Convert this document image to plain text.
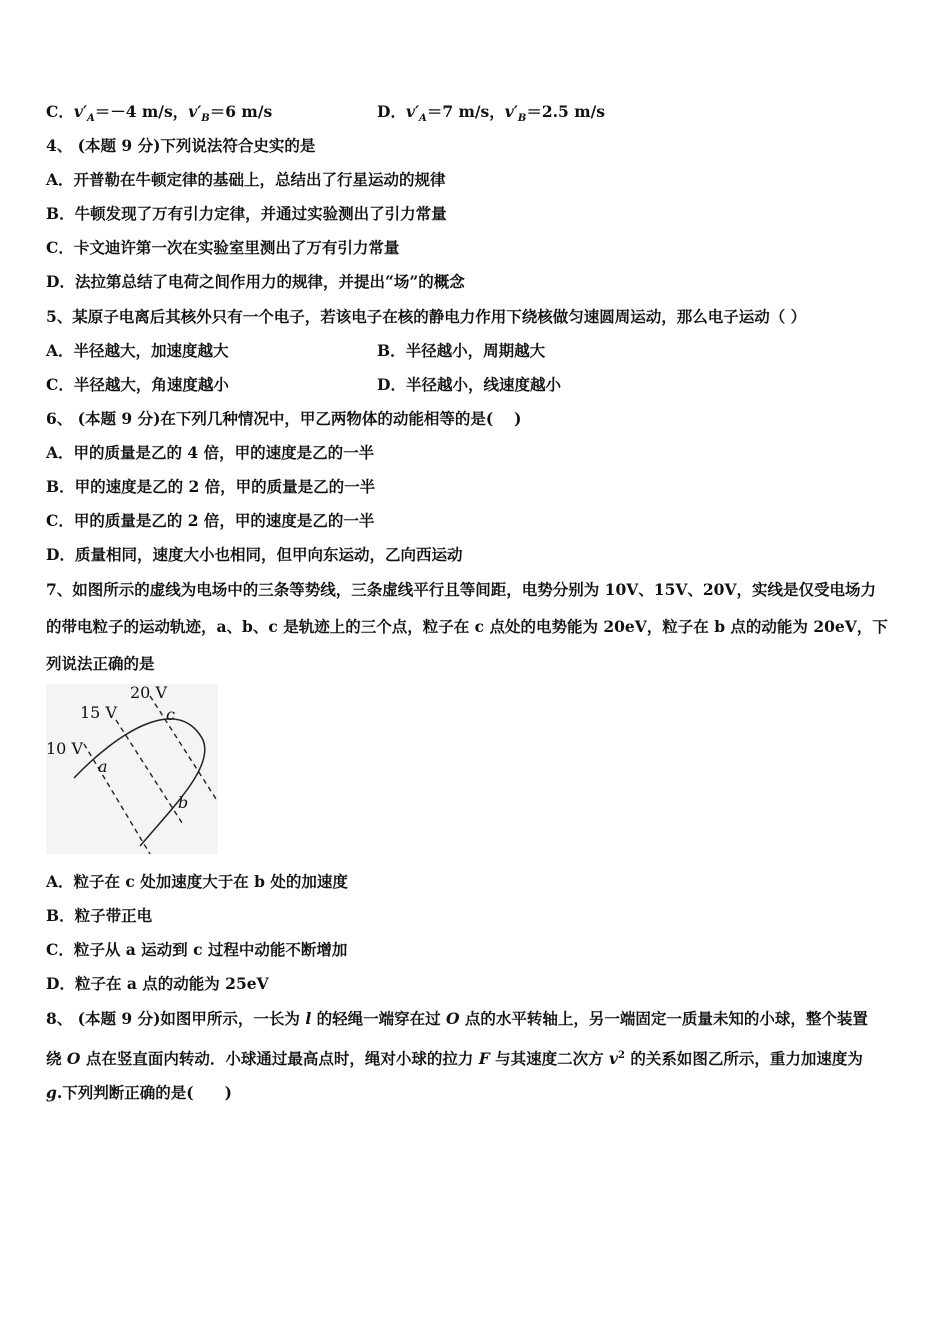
C．$v'_A=-4$ m/s，$v'_B=6$ m/s	D．$v'_A=7$ m/s，$v'_B=2.5$ m/s
4、 (本题 9 分)下列说法符合史实的是
A．开普勒在牛顿定律的基础上，总结出了行星运动的规律
B．牛顿发现了万有引力定律，并通过实验测出了引力常量
C．卡文迪许第一次在实验室里测出了万有引力常量
D．法拉第总结了电荷之间作用力的规律，并提出“场”的概念
5、某原子电离后其核外只有一个电子，若该电子在核的静电力作用下绕核做匀速圆周运动，那么电子运动（ ）
A．半径越大，加速度越大	B．半径越小，周期越大
C．半径越大，角速度越小	D．半径越小，线速度越小
6、 (本题 9 分)在下列几种情况中，甲乙两物体的动能相等的是(　 )
A．甲的质量是乙的 4 倍，甲的速度是乙的一半
B．甲的速度是乙的 2 倍，甲的质量是乙的一半
C．甲的质量是乙的 2 倍，甲的速度是乙的一半
D．质量相同，速度大小也相同，但甲向东运动，乙向西运动
7、如图所示的虚线为电场中的三条等势线，三条虚线平行且等间距，电势分别为 10V、15V、20V，实线是仅受电场力
的带电粒子的运动轨迹，a、b、c 是轨迹上的三个点，粒子在 c 点处的电势能为 20eV，粒子在 b 点的动能为 20eV，下
列说法正确的是
20 V
15 V
10 V
a
b
c
A．粒子在 c 处加速度大于在 b 处的加速度
B．粒子带正电
C．粒子从 a 运动到 c 过程中动能不断增加
D．粒子在 a 点的动能为 25eV
8、 (本题 9 分)如图甲所示，一长为 l 的轻绳一端穿在过 O 点的水平转轴上，另一端固定一质量未知的小球，整个装置
绕 O 点在竖直面内转动．小球通过最高点时，绳对小球的拉力 F 与其速度二次方 $v^2$ 的关系如图乙所示，重力加速度为
g.下列判断正确的是(　　)
